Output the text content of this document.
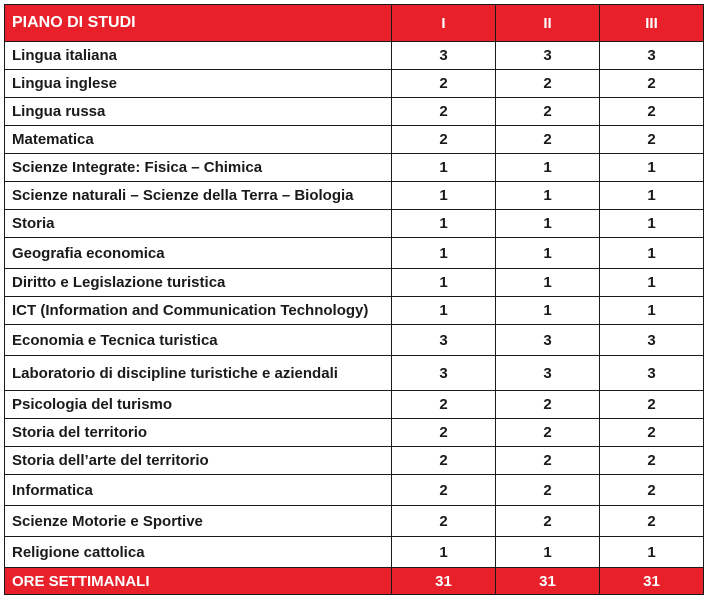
PIANO DI STUDI	I	II	III
Lingua italiana	3	3	3
Lingua inglese	2	2	2
Lingua russa	2	2	2
Matematica	2	2	2
Scienze Integrate: Fisica – Chimica	1	1	1
Scienze naturali – Scienze della Terra – Biologia	1	1	1
Storia	1	1	1
Geografia economica	1	1	1
Diritto e Legislazione turistica	1	1	1
ICT (Information and Communication Technology)	1	1	1
Economia e Tecnica turistica	3	3	3
Laboratorio di discipline turistiche e aziendali	3	3	3
Psicologia del turismo	2	2	2
Storia del territorio	2	2	2
Storia dell’arte del territorio	2	2	2
Informatica	2	2	2
Scienze Motorie e Sportive	2	2	2
Religione cattolica	1	1	1
ORE SETTIMANALI	31	31	31
